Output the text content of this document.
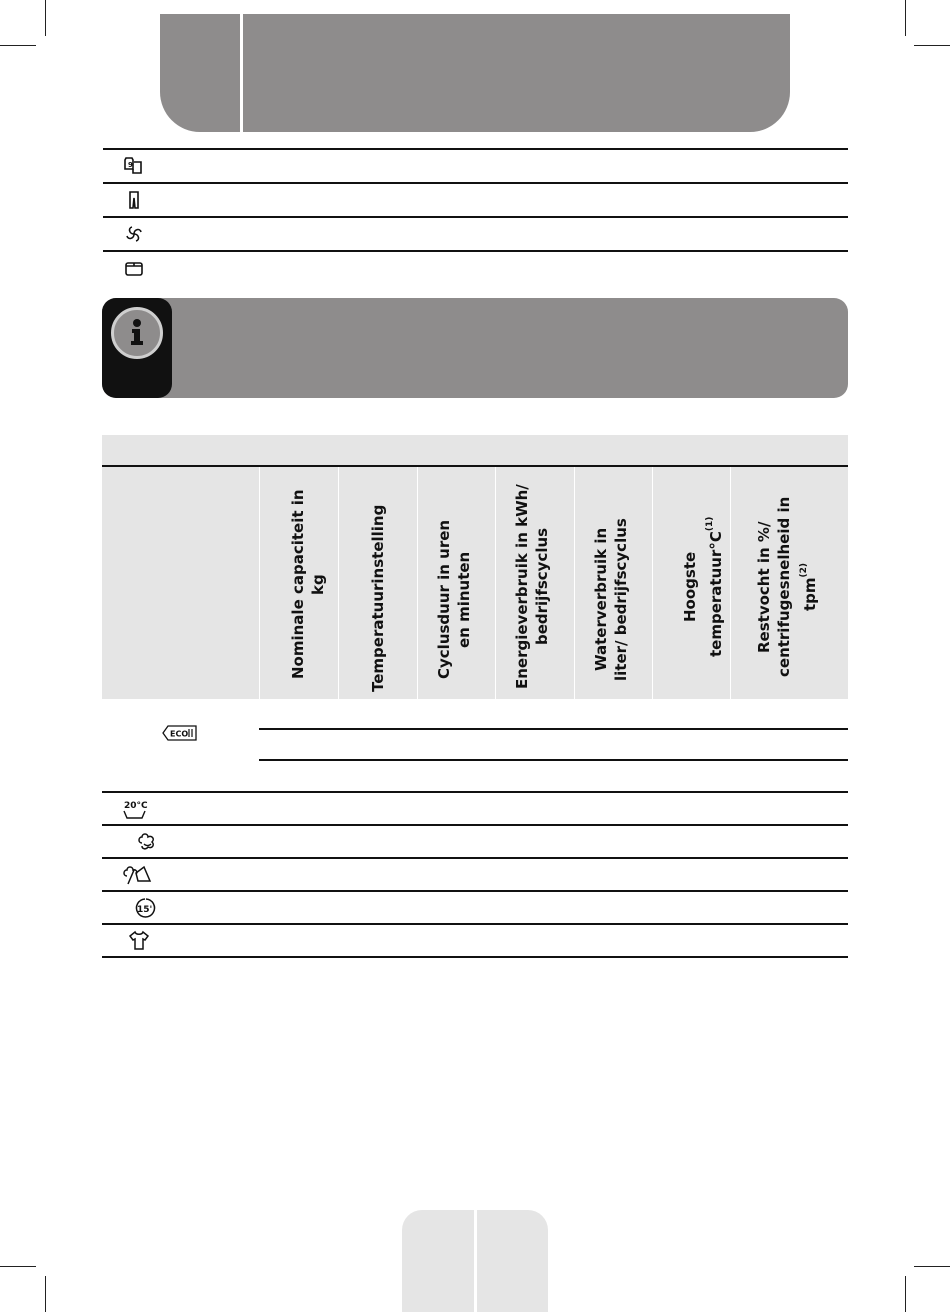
9
Nominale capaciteit in kg	Temperatuurinstelling	Cyclusduur in uren en minuten	Energieverbruik in kWh/ bedrijfscyclus	Waterverbruik in liter/ bedrijfscyclus	Hoogste $temperatuur^\circ C^{(1)}$	Restvocht in %/ centrifugesnelheid in tpm$^{(2)}$
ECO
20°C
15'
